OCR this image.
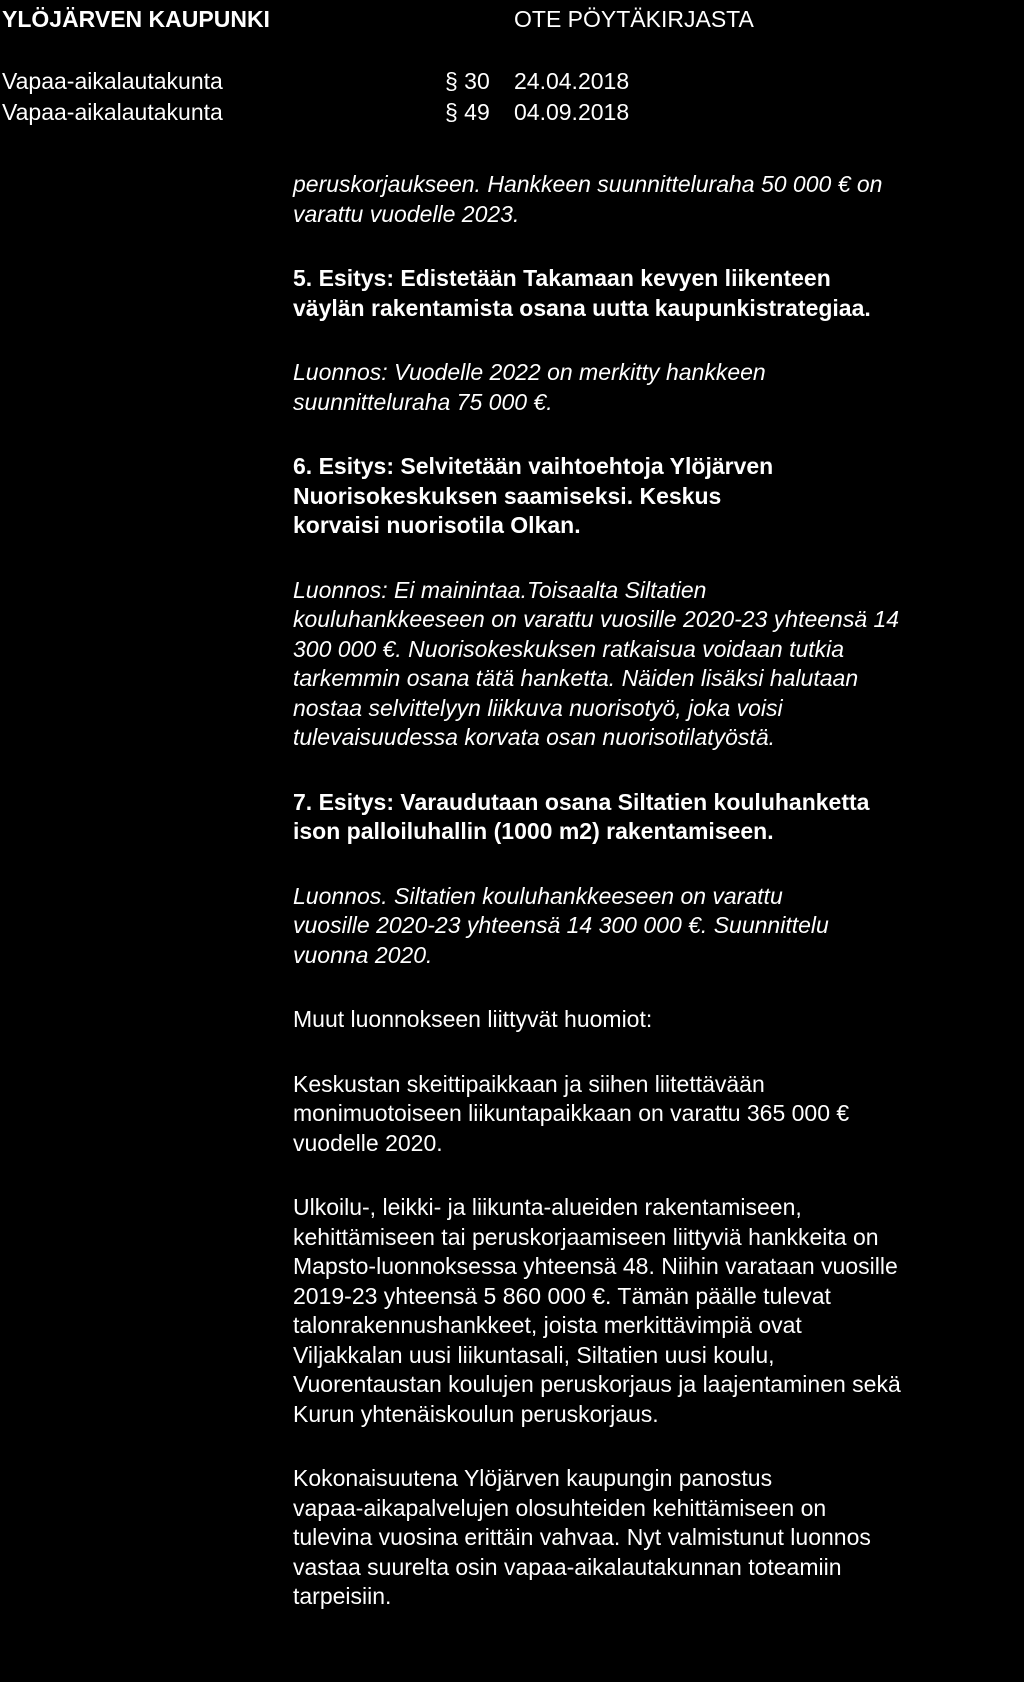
YLÖJÄRVEN KAUPUNKI	OTE PÖYTÄKIRJASTA
Vapaa-aikalautakunta	§ 30 24.04.2018
Vapaa-aikalautakunta	§ 49 04.09.2018

peruskorjaukseen. Hankkeen suunnitteluraha 50 000 € on
varattu vuodelle 2023.

5. Esitys: Edistetään Takamaan kevyen liikenteen
väylän rakentamista osana uutta kaupunkistrategiaa.

Luonnos: Vuodelle 2022 on merkitty hankkeen
suunnitteluraha 75 000 €.

6. Esitys: Selvitetään vaihtoehtoja Ylöjärven
Nuorisokeskuksen saamiseksi. Keskus
korvaisi nuorisotila Olkan.

Luonnos: Ei mainintaa.Toisaalta Siltatien
kouluhankkeeseen on varattu vuosille 2020-23 yhteensä 14
300 000 €. Nuorisokeskuksen ratkaisua voidaan tutkia
tarkemmin osana tätä hanketta. Näiden lisäksi halutaan
nostaa selvittelyyn liikkuva nuorisotyö, joka voisi
tulevaisuudessa korvata osan nuorisotilatyöstä.

7. Esitys: Varaudutaan osana Siltatien kouluhanketta
ison palloiluhallin (1000 m2) rakentamiseen.

Luonnos. Siltatien kouluhankkeeseen on varattu
vuosille 2020-23 yhteensä 14 300 000 €. Suunnittelu
vuonna 2020.

Muut luonnokseen liittyvät huomiot:

Keskustan skeittipaikkaan ja siihen liitettävään
monimuotoiseen liikuntapaikkaan on varattu 365 000 €
vuodelle 2020.

Ulkoilu-, leikki- ja liikunta-alueiden rakentamiseen,
kehittämiseen tai peruskorjaamiseen liittyviä hankkeita on
Mapsto-luonnoksessa yhteensä 48. Niihin varataan vuosille
2019-23 yhteensä 5 860 000 €. Tämän päälle tulevat
talonrakennushankkeet, joista merkittävimpiä ovat
Viljakkalan uusi liikuntasali, Siltatien uusi koulu,
Vuorentaustan koulujen peruskorjaus ja laajentaminen sekä
Kurun yhtenäiskoulun peruskorjaus.

Kokonaisuutena Ylöjärven kaupungin panostus
vapaa-aikapalvelujen olosuhteiden kehittämiseen on
tulevina vuosina erittäin vahvaa. Nyt valmistunut luonnos
vastaa suurelta osin vapaa-aikalautakunnan toteamiin
tarpeisiin.
